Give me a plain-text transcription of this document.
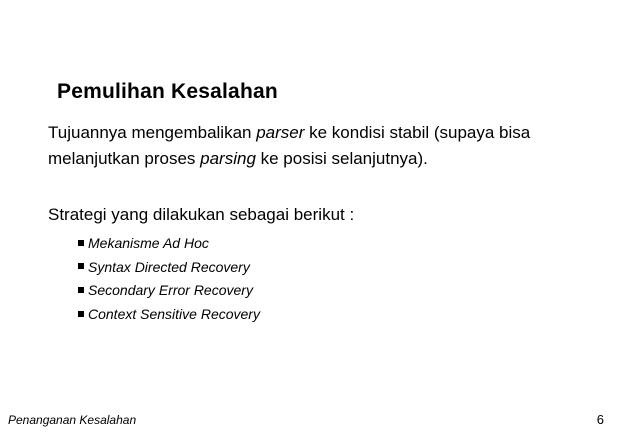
Pemulihan Kesalahan
Tujuannya mengembalikan parser ke kondisi stabil (supaya bisa melanjutkan proses parsing ke posisi selanjutnya).
Strategi yang dilakukan sebagai berikut :
Mekanisme Ad Hoc
Syntax Directed Recovery
Secondary Error Recovery
Context Sensitive Recovery
Penanganan Kesalahan	6
